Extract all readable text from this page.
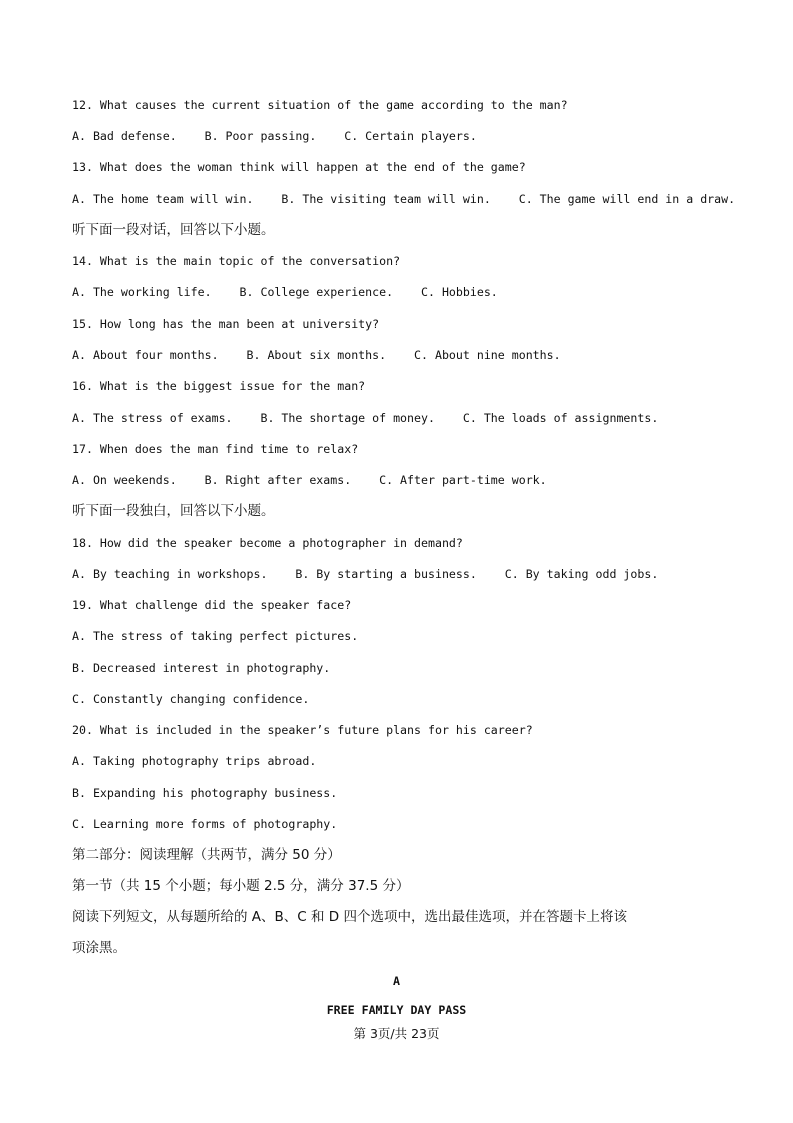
12. What causes the current situation of the game according to the man?

A. Bad defense.    B. Poor passing.    C. Certain players.

13. What does the woman think will happen at the end of the game?

A. The home team will win.    B. The visiting team will win.    C. The game will end in a draw.

听下面一段对话，回答以下小题。

14. What is the main topic of the conversation?

A. The working life.    B. College experience.    C. Hobbies.

15. How long has the man been at university?

A. About four months.    B. About six months.    C. About nine months.

16. What is the biggest issue for the man?

A. The stress of exams.    B. The shortage of money.    C. The loads of assignments.

17. When does the man find time to relax?

A. On weekends.    B. Right after exams.    C. After part-time work.

听下面一段独白，回答以下小题。

18. How did the speaker become a photographer in demand?

A. By teaching in workshops.    B. By starting a business.    C. By taking odd jobs.

19. What challenge did the speaker face?

A. The stress of taking perfect pictures.

B. Decreased interest in photography.

C. Constantly changing confidence.

20. What is included in the speaker’s future plans for his career?

A. Taking photography trips abroad.

B. Expanding his photography business.

C. Learning more forms of photography.

第二部分：阅读理解（共两节，满分 50 分）

第一节（共 15 个小题；每小题 2.5 分，满分 37.5 分）

阅读下列短文，从每题所给的 A、B、C 和 D 四个选项中，选出最佳选项，并在答题卡上将该

项涂黑。

A

FREE FAMILY DAY PASS

第 3页/共 23页
